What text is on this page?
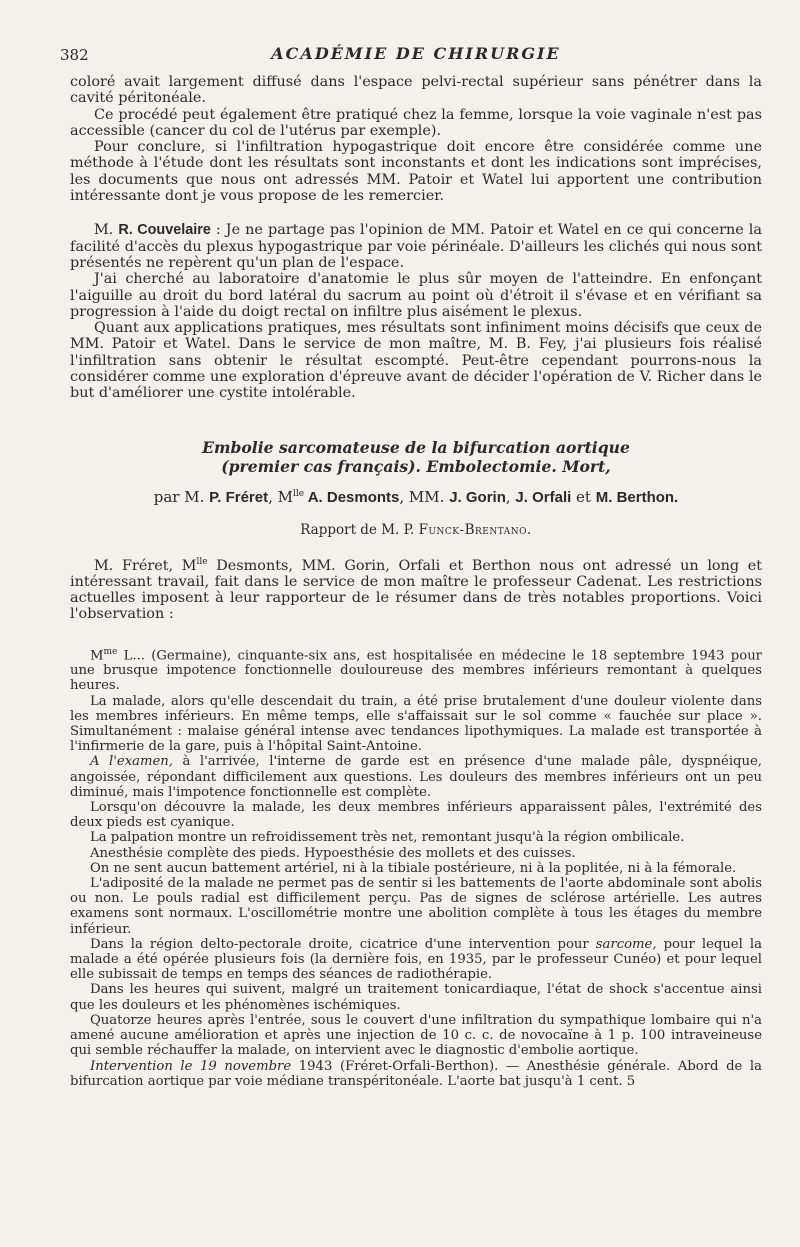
382	ACADÉMIE DE CHIRURGIE

coloré avait largement diffusé dans l'espace pelvi-rectal supérieur sans pénétrer dans la cavité péritonéale.

Ce procédé peut également être pratiqué chez la femme, lorsque la voie vaginale n'est pas accessible (cancer du col de l'utérus par exemple).

Pour conclure, si l'infiltration hypogastrique doit encore être considérée comme une méthode à l'étude dont les résultats sont inconstants et dont les indications sont imprécises, les documents que nous ont adressés MM. Patoir et Watel lui apportent une contribution intéressante dont je vous propose de les remercier.

M. R. Couvelaire : Je ne partage pas l'opinion de MM. Patoir et Watel en ce qui concerne la facilité d'accès du plexus hypogastrique par voie périnéale. D'ailleurs les clichés qui nous sont présentés ne repèrent qu'un plan de l'espace.

J'ai cherché au laboratoire d'anatomie le plus sûr moyen de l'atteindre. En enfonçant l'aiguille au droit du bord latéral du sacrum au point où d'étroit il s'évase et en vérifiant sa progression à l'aide du doigt rectal on infiltre plus aisément le plexus.

Quant aux applications pratiques, mes résultats sont infiniment moins décisifs que ceux de MM. Patoir et Watel. Dans le service de mon maître, M. B. Fey, j'ai plusieurs fois réalisé l'infiltration sans obtenir le résultat escompté. Peut-être cependant pourrons-nous la considérer comme une exploration d'épreuve avant de décider l'opération de V. Richer dans le but d'améliorer une cystite intolérable.

Embolie sarcomateuse de la bifurcation aortique
(premier cas français). Embolectomie. Mort,
par M. P. Fréret, $M^{lle}$ A. Desmonts, MM. J. Gorin, J. Orfali et M. Berthon.
Rapport de M. P. Funck-Brentano.

M. Fréret, $M^{lle}$ Desmonts, MM. Gorin, Orfali et Berthon nous ont adressé un long et intéressant travail, fait dans le service de mon maître le professeur Cadenat. Les restrictions actuelles imposent à leur rapporteur de le résumer dans de très notables proportions. Voici l'observation :

$M^{me}$ L... (Germaine), cinquante-six ans, est hospitalisée en médecine le 18 septembre 1943 pour une brusque impotence fonctionnelle douloureuse des membres inférieurs remontant à quelques heures.

La malade, alors qu'elle descendait du train, a été prise brutalement d'une douleur violente dans les membres inférieurs. En même temps, elle s'affaissait sur le sol comme « fauchée sur place ». Simultanément : malaise général intense avec tendances lipothymiques. La malade est transportée à l'infirmerie de la gare, puis à l'hôpital Saint-Antoine.

A l'examen, à l'arrivée, l'interne de garde est en présence d'une malade pâle, dyspnéique, angoissée, répondant difficilement aux questions. Les douleurs des membres inférieurs ont un peu diminué, mais l'impotence fonctionnelle est complète.

Lorsqu'on découvre la malade, les deux membres inférieurs apparaissent pâles, l'extrémité des deux pieds est cyanique.

La palpation montre un refroidissement très net, remontant jusqu'à la région ombilicale.

Anesthésie complète des pieds. Hypoesthésie des mollets et des cuisses.

On ne sent aucun battement artériel, ni à la tibiale postérieure, ni à la poplitée, ni à la fémorale.

L'adiposité de la malade ne permet pas de sentir si les battements de l'aorte abdominale sont abolis ou non. Le pouls radial est difficilement perçu. Pas de signes de sclérose artérielle. Les autres examens sont normaux. L'oscillométrie montre une abolition complète à tous les étages du membre inférieur.

Dans la région delto-pectorale droite, cicatrice d'une intervention pour sarcome, pour lequel la malade a été opérée plusieurs fois (la dernière fois, en 1935, par le professeur Cunéo) et pour lequel elle subissait de temps en temps des séances de radiothérapie.

Dans les heures qui suivent, malgré un traitement tonicardiaque, l'état de shock s'accentue ainsi que les douleurs et les phénomènes ischémiques.

Quatorze heures après l'entrée, sous le couvert d'une infiltration du sympathique lombaire qui n'a amené aucune amélioration et après une injection de 10 c. c. de novocaïne à 1 p. 100 intraveineuse qui semble réchauffer la malade, on intervient avec le diagnostic d'embolie aortique.

Intervention le 19 novembre 1943 (Fréret-Orfali-Berthon). — Anesthésie générale. Abord de la bifurcation aortique par voie médiane transpéritonéale. L'aorte bat jusqu'à 1 cent. 5
